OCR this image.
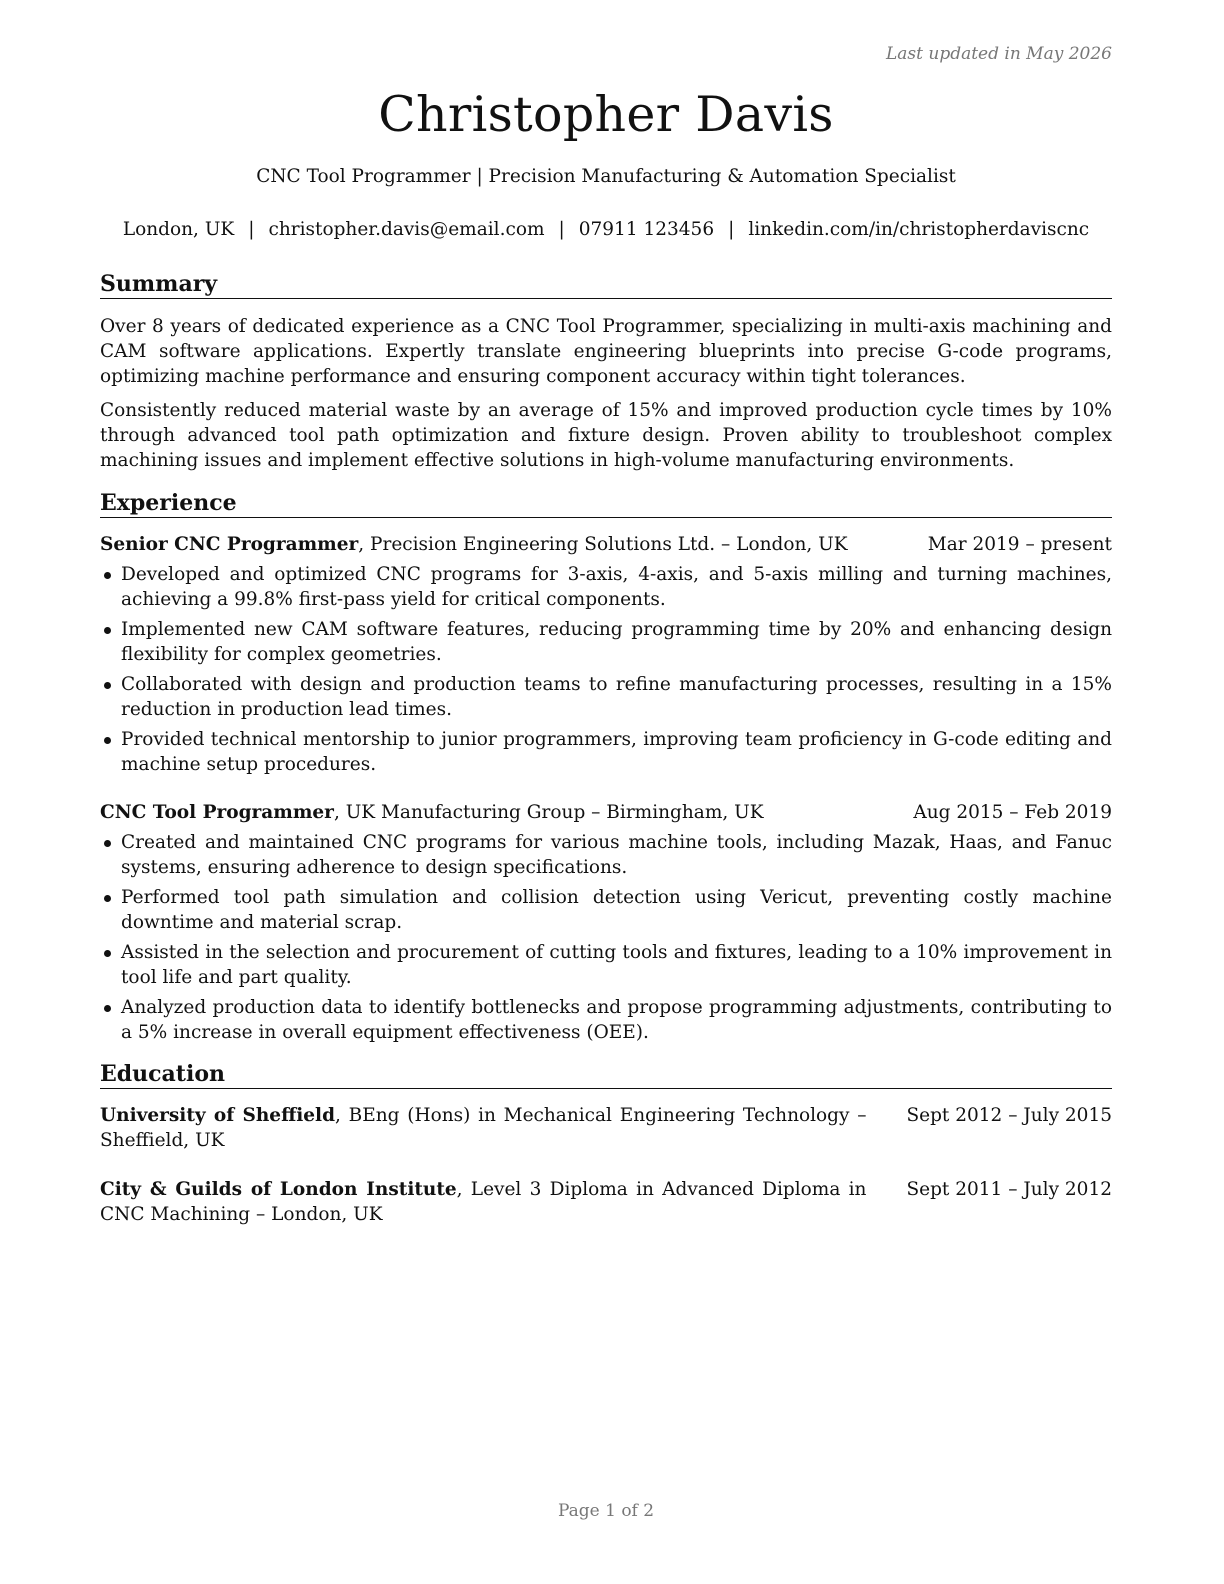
Last updated in May 2026
Christopher Davis
CNC Tool Programmer | Precision Manufacturing & Automation Specialist
London, UK | christopher.davis@email.com | 07911 123456 | linkedin.com/in/christopherdaviscnc
Summary
Over 8 years of dedicated experience as a CNC Tool Programmer, specializing in multi-axis machining and CAM software applications. Expertly translate engineering blueprints into precise G-code programs, optimizing machine performance and ensuring component accuracy within tight tolerances.
Consistently reduced material waste by an average of 15% and improved production cycle times by 10% through advanced tool path optimization and fixture design. Proven ability to troubleshoot complex machining issues and implement effective solutions in high-volume manufacturing environments.
Experience
Senior CNC Programmer, Precision Engineering Solutions Ltd. – London, UK	Mar 2019 – present
Developed and optimized CNC programs for 3-axis, 4-axis, and 5-axis milling and turning machines, achieving a 99.8% first-pass yield for critical components.
Implemented new CAM software features, reducing programming time by 20% and enhancing design flexibility for complex geometries.
Collaborated with design and production teams to refine manufacturing processes, resulting in a 15% reduction in production lead times.
Provided technical mentorship to junior programmers, improving team proficiency in G-code editing and machine setup procedures.
CNC Tool Programmer, UK Manufacturing Group – Birmingham, UK	Aug 2015 – Feb 2019
Created and maintained CNC programs for various machine tools, including Mazak, Haas, and Fanuc systems, ensuring adherence to design specifications.
Performed tool path simulation and collision detection using Vericut, preventing costly machine downtime and material scrap.
Assisted in the selection and procurement of cutting tools and fixtures, leading to a 10% improvement in tool life and part quality.
Analyzed production data to identify bottlenecks and propose programming adjustments, contributing to a 5% increase in overall equipment effectiveness (OEE).
Education
University of Sheffield, BEng (Hons) in Mechanical Engineering Technology – Sheffield, UK
Sept 2012 – July 2015
City & Guilds of London Institute, Level 3 Diploma in Advanced Diploma in CNC Machining – London, UK
Sept 2011 – July 2012
Page 1 of 2
